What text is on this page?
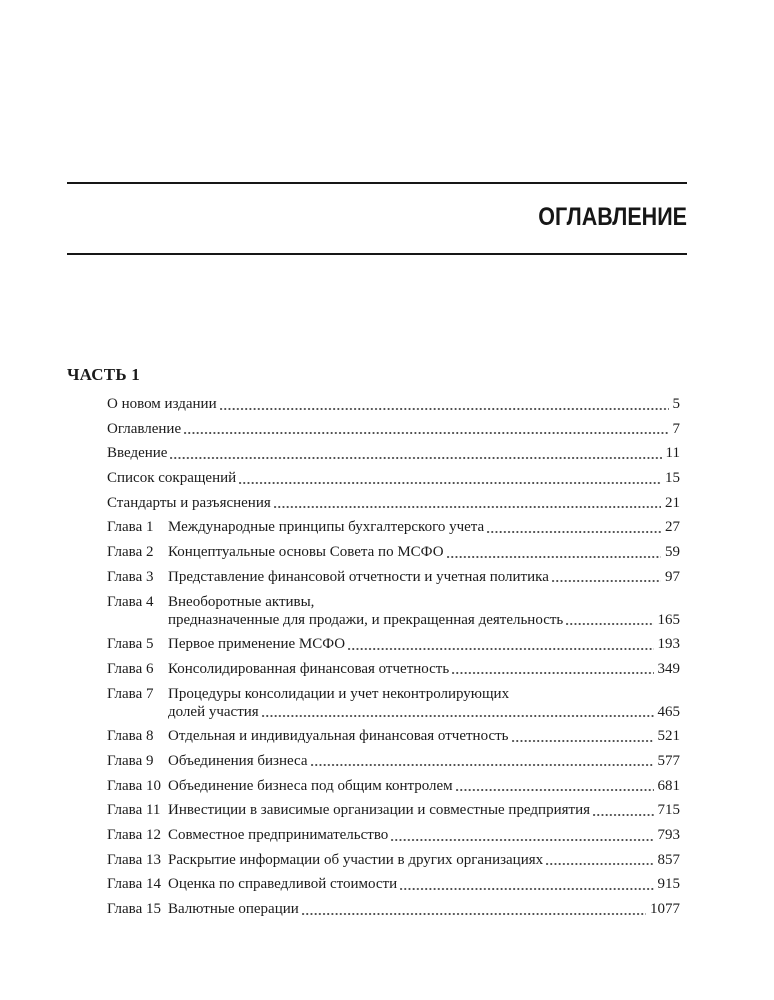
ОГЛАВЛЕНИЕ
ЧАСТЬ 1
О новом издании	5
Оглавление	7
Введение	11
Список сокращений	15
Стандарты и разъяснения	21
Глава 1 Международные принципы бухгалтерского учета	27
Глава 2 Концептуальные основы Совета по МСФО	59
Глава 3 Представление финансовой отчетности и учетная политика	97
Глава 4 Внеоборотные активы,
предназначенные для продажи, и прекращенная деятельность	165
Глава 5 Первое применение МСФО	193
Глава 6 Консолидированная финансовая отчетность	349
Глава 7 Процедуры консолидации и учет неконтролирующих
долей участия	465
Глава 8 Отдельная и индивидуальная финансовая отчетность	521
Глава 9 Объединения бизнеса	577
Глава 10 Объединение бизнеса под общим контролем	681
Глава 11 Инвестиции в зависимые организации и совместные предприятия	715
Глава 12 Совместное предпринимательство	793
Глава 13 Раскрытие информации об участии в других организациях	857
Глава 14 Оценка по справедливой стоимости	915
Глава 15 Валютные операции	1077
